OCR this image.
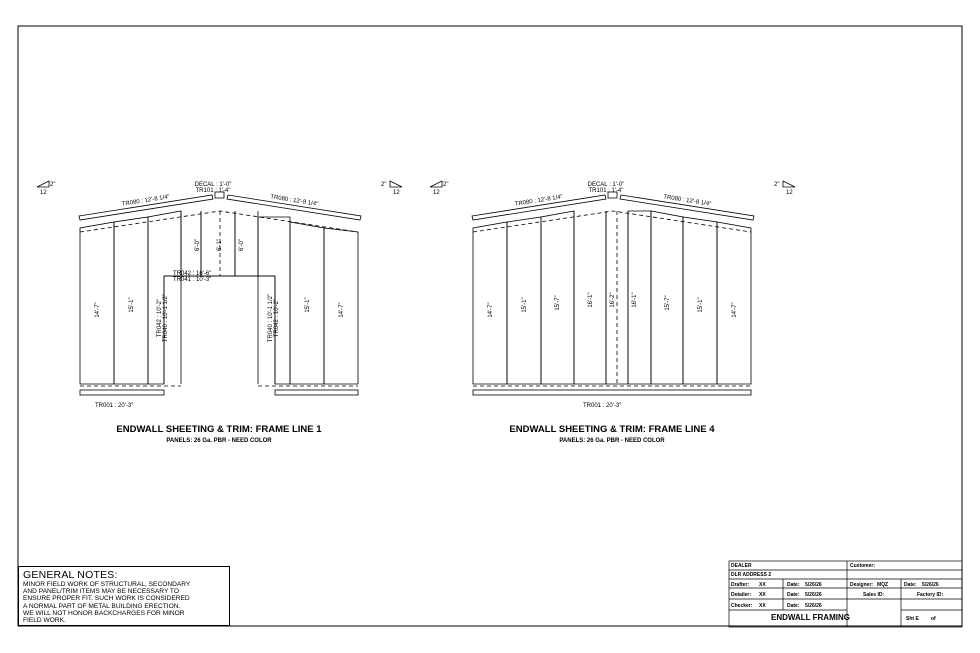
2"
12
2"
12
DECAL : 1'-0"
TR101 : 1'-4"
TR080 : 12'-8 1/4"	TR080 : 12'-8 1/4"
TR042 : 16'-6"
TR041 : 10'-3"
TR042 : 10'-2" TR040 : 10'-1 1/2"	TR040 : 10'-1 1/2" TR042 : 10'-2"
14'-7"	15'-1"
6'-0"	6'-1"	6'-0"
15'-1"	14'-7"
TR001 : 20'-3"
ENDWALL SHEETING & TRIM: FRAME LINE 1
PANELS: 26 Ga. PBR - NEED COLOR
2"
12
2"
12
DECAL : 1'-0"
TR101 : 1'-4"
TR080 : 12'-8 1/4"	TR080 : 12'-8 1/4"
14'-7"	15'-1"	15'-7"	16'-1"	16'-2"	16'-1"	15'-7"	15'-1"	14'-7"
TR001 : 20'-3"
ENDWALL SHEETING & TRIM: FRAME LINE 4
PANELS: 26 Ga. PBR - NEED COLOR
GENERAL NOTES:
MINOR FIELD WORK OF STRUCTURAL, SECONDARY
AND PANEL/TRIM ITEMS MAY BE NECESSARY TO
ENSURE PROPER FIT. SUCH WORK IS CONSIDERED
A NORMAL PART OF METAL BUILDING ERECTION.
WE WILL NOT HONOR BACKCHARGES FOR MINOR
FIELD WORK.
DEALER	Customer:
DLR ADDRESS 2
Drafter: XX	Date: 5/26/26	Designer: MQZ	Date: 5/26/26
Detailer: XX	Date: 5/26/26	Sales ID:	Factory ID:
Checker: XX	Date: 5/26/26
ENDWALL FRAMING	Sht E of
